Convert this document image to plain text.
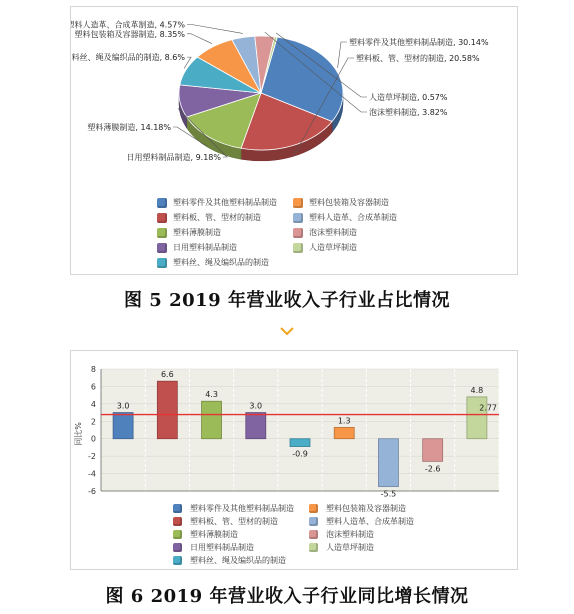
塑料零件及其他塑料制品制造, 30.14%
塑料板、管、型材的制造, 20.58%
塑料薄膜制造, 14.18%
日用塑料制品制造, 9.18%
塑料丝、绳及编织品的制造, 8.6%
塑料包装箱及容器制造, 8.35%
塑料人造革、合成革制造, 4.57%
泡沫塑料制造, 3.82%
人造草坪制造, 0.57%
塑料零件及其他塑料制品制造	塑料包装箱及容器制造
塑料板、管、型材的制造	塑料人造革、合成革制造
塑料薄膜制造	泡沫塑料制造
日用塑料制品制造	人造草坪制造
塑料丝、绳及编织品的制造
图 5 2019 年营业收入子行业占比情况
-6
-4
-2
0
2
4
6
8
同比%
3.0
6.6
4.3
3.0
-0.9
1.3
-5.5
-2.6
4.8
2.77
塑料零件及其他塑料制品制造	塑料包装箱及容器制造
塑料板、管、型材的制造	塑料人造革、合成革制造
塑料薄膜制造	泡沫塑料制造
日用塑料制品制造	人造草坪制造
塑料丝、绳及编织品的制造
图 6 2019 年营业收入子行业同比增长情况
